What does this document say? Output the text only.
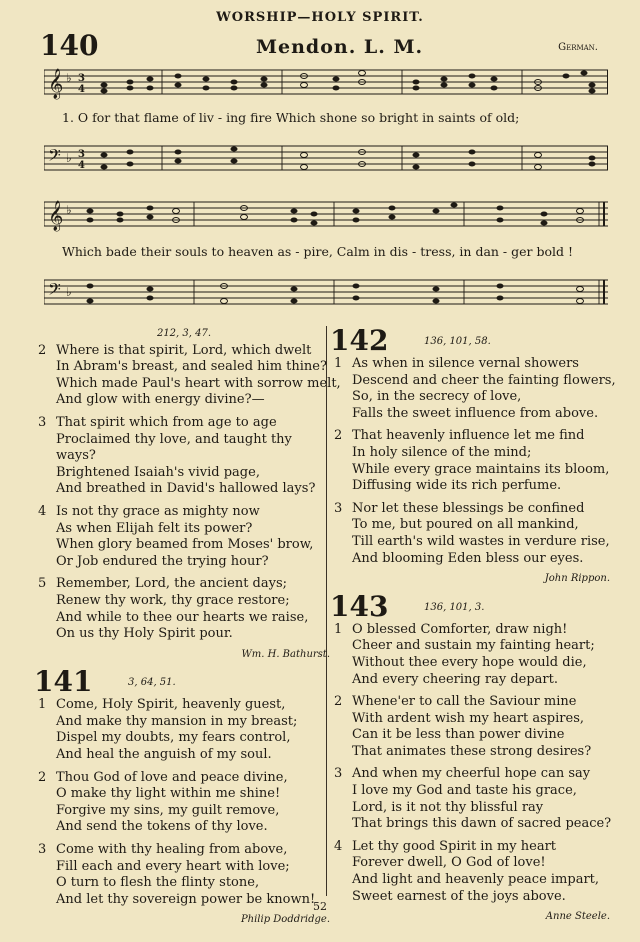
WORSHIP—HOLY SPIRIT.
140	Mendon. L. M.	German.
𝄞 ♭ 3
4
1. O for that flame of liv - ing fire Which shone so bright in saints of old;
𝄢 ♭ 3
4
𝄞 ♭
Which bade their souls to heaven as - pire, Calm in dis - tress, in dan - ger bold !
𝄢 ♭
212, 3, 47.
2 Where is that spirit, Lord, which dwelt
In Abram's breast, and sealed him thine?
Which made Paul's heart with sorrow melt,
And glow with energy divine?—
3 That spirit which from age to age
Proclaimed thy love, and taught thy
ways?
Brightened Isaiah's vivid page,
And breathed in David's hallowed lays?
4 Is not thy grace as mighty now
As when Elijah felt its power?
When glory beamed from Moses' brow,
Or Job endured the trying hour?
5 Remember, Lord, the ancient days;
Renew thy work, thy grace restore;
And while to thee our hearts we raise,
On us thy Holy Spirit pour.
Wm. H. Bathurst.
141	3, 64, 51.
1 Come, Holy Spirit, heavenly guest,
And make thy mansion in my breast;
Dispel my doubts, my fears control,
And heal the anguish of my soul.
2 Thou God of love and peace divine,
O make thy light within me shine!
Forgive my sins, my guilt remove,
And send the tokens of thy love.
3 Come with thy healing from above,
Fill each and every heart with love;
O turn to flesh the flinty stone,
And let thy sovereign power be known!
Philip Doddridge.
142	136, 101, 58.
1 As when in silence vernal showers
Descend and cheer the fainting flowers,
So, in the secrecy of love,
Falls the sweet influence from above.
2 That heavenly influence let me find
In holy silence of the mind;
While every grace maintains its bloom,
Diffusing wide its rich perfume.
3 Nor let these blessings be confined
To me, but poured on all mankind,
Till earth's wild wastes in verdure rise,
And blooming Eden bless our eyes.
John Rippon.
143	136, 101, 3.
1 O blessed Comforter, draw nigh!
Cheer and sustain my fainting heart;
Without thee every hope would die,
And every cheering ray depart.
2 Whene'er to call the Saviour mine
With ardent wish my heart aspires,
Can it be less than power divine
That animates these strong desires?
3 And when my cheerful hope can say
I love my God and taste his grace,
Lord, is it not thy blissful ray
That brings this dawn of sacred peace?
4 Let thy good Spirit in my heart
Forever dwell, O God of love!
And light and heavenly peace impart,
Sweet earnest of the joys above.
Anne Steele.
52
